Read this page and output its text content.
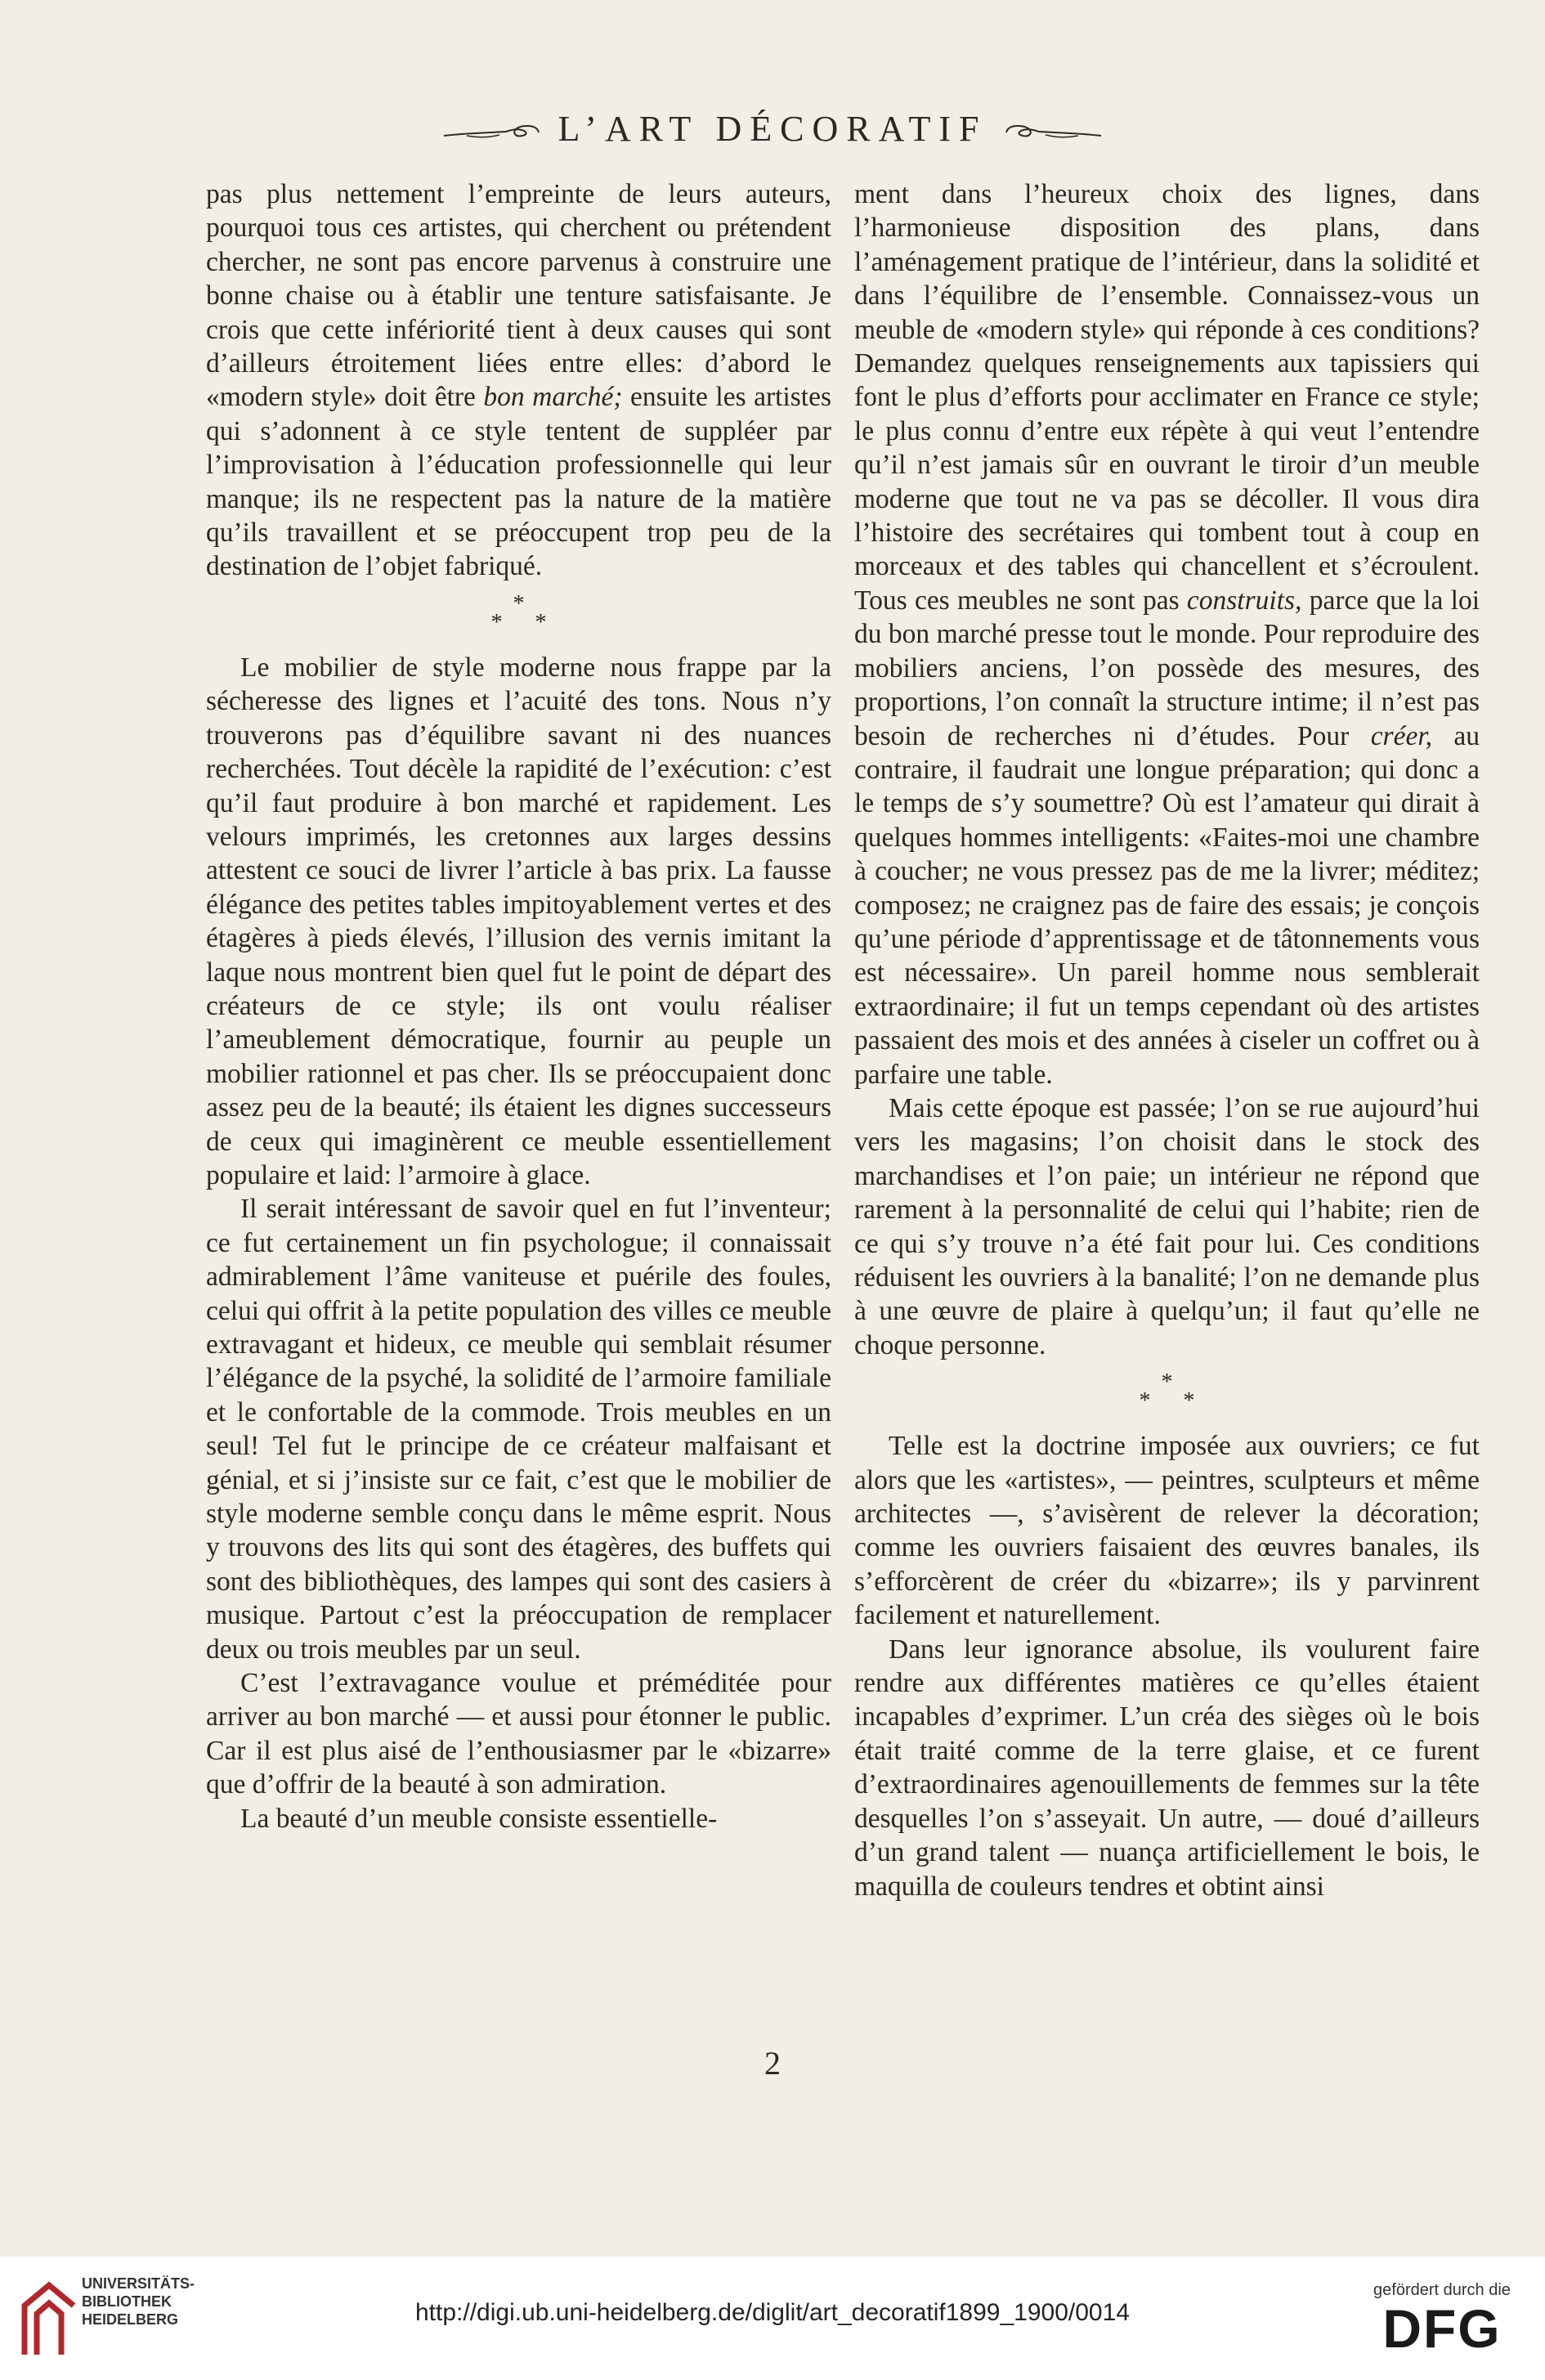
L’ART DÉCORATIF

pas plus nettement l’empreinte de leurs auteurs, pourquoi tous ces artistes, qui cherchent ou prétendent chercher, ne sont pas encore parvenus à construire une bonne chaise ou à établir une tenture satisfaisante. Je crois que cette infériorité tient à deux causes qui sont d’ailleurs étroitement liées entre elles: d’abord le «modern style» doit être bon marché; ensuite les artistes qui s’adonnent à ce style tentent de suppléer par l’improvisation à l’éducation professionnelle qui leur manque; ils ne respectent pas la nature de la matière qu’ils travaillent et se préoccupent trop peu de la destination de l’objet fabriqué.

*
**

Le mobilier de style moderne nous frappe par la sécheresse des lignes et l’acuité des tons. Nous n’y trouverons pas d’équilibre savant ni des nuances recherchées. Tout décèle la rapidité de l’exécution: c’est qu’il faut produire à bon marché et rapidement. Les velours imprimés, les cretonnes aux larges dessins attestent ce souci de livrer l’article à bas prix. La fausse élégance des petites tables impitoyablement vertes et des étagères à pieds élevés, l’illusion des vernis imitant la laque nous montrent bien quel fut le point de départ des créateurs de ce style; ils ont voulu réaliser l’ameublement démocratique, fournir au peuple un mobilier rationnel et pas cher. Ils se préoccupaient donc assez peu de la beauté; ils étaient les dignes successeurs de ceux qui imaginèrent ce meuble essentiellement populaire et laid: l’armoire à glace.

Il serait intéressant de savoir quel en fut l’inventeur; ce fut certainement un fin psychologue; il connaissait admirablement l’âme vaniteuse et puérile des foules, celui qui offrit à la petite population des villes ce meuble extravagant et hideux, ce meuble qui semblait résumer l’élégance de la psyché, la solidité de l’armoire familiale et le confortable de la commode. Trois meubles en un seul! Tel fut le principe de ce créateur malfaisant et génial, et si j’insiste sur ce fait, c’est que le mobilier de style moderne semble conçu dans le même esprit. Nous y trouvons des lits qui sont des étagères, des buffets qui sont des bibliothèques, des lampes qui sont des casiers à musique. Partout c’est la préoccupation de remplacer deux ou trois meubles par un seul.

C’est l’extravagance voulue et préméditée pour arriver au bon marché — et aussi pour étonner le public. Car il est plus aisé de l’enthousiasmer par le «bizarre» que d’offrir de la beauté à son admiration.

La beauté d’un meuble consiste essentielle-

ment dans l’heureux choix des lignes, dans l’harmonieuse disposition des plans, dans l’aménagement pratique de l’intérieur, dans la solidité et dans l’équilibre de l’ensemble. Connaissez-vous un meuble de «modern style» qui réponde à ces conditions? Demandez quelques renseignements aux tapissiers qui font le plus d’efforts pour acclimater en France ce style; le plus connu d’entre eux répète à qui veut l’entendre qu’il n’est jamais sûr en ouvrant le tiroir d’un meuble moderne que tout ne va pas se décoller. Il vous dira l’histoire des secrétaires qui tombent tout à coup en morceaux et des tables qui chancellent et s’écroulent. Tous ces meubles ne sont pas construits, parce que la loi du bon marché presse tout le monde. Pour reproduire des mobiliers anciens, l’on possède des mesures, des proportions, l’on connaît la structure intime; il n’est pas besoin de recherches ni d’études. Pour créer, au contraire, il faudrait une longue préparation; qui donc a le temps de s’y soumettre? Où est l’amateur qui dirait à quelques hommes intelligents: «Faites-moi une chambre à coucher; ne vous pressez pas de me la livrer; méditez; composez; ne craignez pas de faire des essais; je conçois qu’une période d’apprentissage et de tâtonnements vous est nécessaire». Un pareil homme nous semblerait extraordinaire; il fut un temps cependant où des artistes passaient des mois et des années à ciseler un coffret ou à parfaire une table.

Mais cette époque est passée; l’on se rue aujourd’hui vers les magasins; l’on choisit dans le stock des marchandises et l’on paie; un intérieur ne répond que rarement à la personnalité de celui qui l’habite; rien de ce qui s’y trouve n’a été fait pour lui. Ces conditions réduisent les ouvriers à la banalité; l’on ne demande plus à une œuvre de plaire à quelqu’un; il faut qu’elle ne choque personne.

*
**

Telle est la doctrine imposée aux ouvriers; ce fut alors que les «artistes», — peintres, sculpteurs et même architectes —, s’avisèrent de relever la décoration; comme les ouvriers faisaient des œuvres banales, ils s’efforcèrent de créer du «bizarre»; ils y parvinrent facilement et naturellement.

Dans leur ignorance absolue, ils voulurent faire rendre aux différentes matières ce qu’elles étaient incapables d’exprimer. L’un créa des sièges où le bois était traité comme de la terre glaise, et ce furent d’extraordinaires agenouillements de femmes sur la tête desquelles l’on s’asseyait. Un autre, — doué d’ailleurs d’un grand talent — nuança artificiellement le bois, le maquilla de couleurs tendres et obtint ainsi

2
UNIVERSITÄTS-
BIBLIOTHEK
HEIDELBERG	http://digi.ub.uni-heidelberg.de/diglit/art_decoratif1899_1900/0014
gefördert durch die
DFG
